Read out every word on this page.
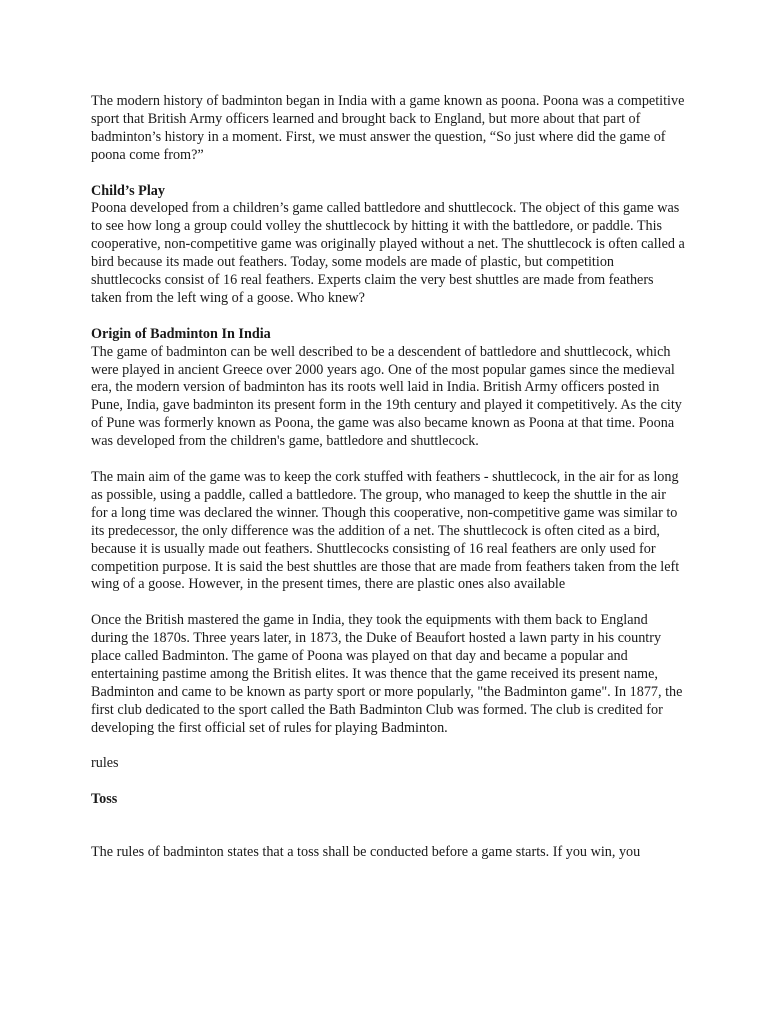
The modern history of badminton began in India with a game known as poona. Poona was a competitive sport that British Army officers learned and brought back to England, but more about that part of badminton’s history in a moment. First, we must answer the question, “So just where did the game of poona come from?”

Child’s Play

Poona developed from a children’s game called battledore and shuttlecock. The object of this game was to see how long a group could volley the shuttlecock by hitting it with the battledore, or paddle. This cooperative, non-competitive game was originally played without a net. The shuttlecock is often called a bird because its made out feathers. Today, some models are made of plastic, but competition shuttlecocks consist of 16 real feathers. Experts claim the very best shuttles are made from feathers taken from the left wing of a goose. Who knew?

Origin of Badminton In India

The game of badminton can be well described to be a descendent of battledore and shuttlecock, which were played in ancient Greece over 2000 years ago. One of the most popular games since the medieval era, the modern version of badminton has its roots well laid in India. British Army officers posted in Pune, India, gave badminton its present form in the 19th century and played it competitively. As the city of Pune was formerly known as Poona, the game was also became known as Poona at that time. Poona was developed from the children's game, battledore and shuttlecock.

The main aim of the game was to keep the cork stuffed with feathers - shuttlecock, in the air for as long as possible, using a paddle, called a battledore. The group, who managed to keep the shuttle in the air for a long time was declared the winner. Though this cooperative, non-competitive game was similar to its predecessor, the only difference was the addition of a net. The shuttlecock is often cited as a bird, because it is usually made out feathers. Shuttlecocks consisting of 16 real feathers are only used for competition purpose. It is said the best shuttles are those that are made from feathers taken from the left wing of a goose. However, in the present times, there are plastic ones also available

Once the British mastered the game in India, they took the equipments with them back to England during the 1870s. Three years later, in 1873, the Duke of Beaufort hosted a lawn party in his country place called Badminton. The game of Poona was played on that day and became a popular and entertaining pastime among the British elites. It was thence that the game received its present name, Badminton and came to be known as party sport or more popularly, "the Badminton game". In 1877, the first club dedicated to the sport called the Bath Badminton Club was formed. The club is credited for developing the first official set of rules for playing Badminton.

rules

Toss

The rules of badminton states that a toss shall be conducted before a game starts. If you win, you
